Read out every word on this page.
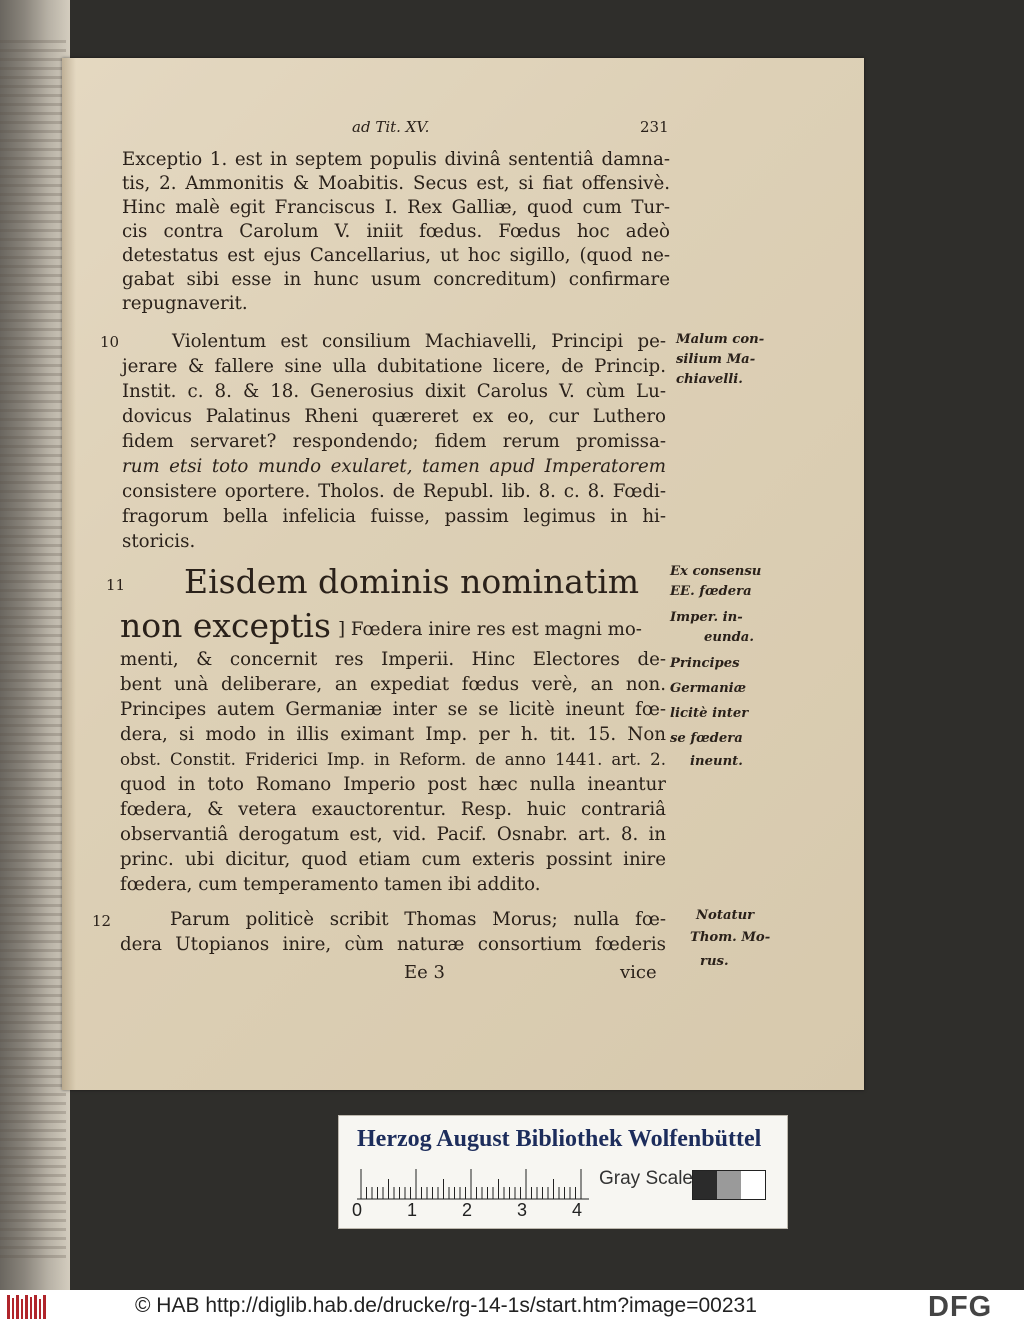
ad Tit. XV.	231
Exceptio 1. est in septem populis divinâ sententiâ damna-
tis, 2. Ammonitis & Moabitis. Secus est, si fiat offensivè.
Hinc malè egit Franciscus I. Rex Galliæ, quod cum Tur-
cis contra Carolum V. iniit fœdus. Fœdus hoc adeò
detestatus est ejus Cancellarius, ut hoc sigillo, (quod ne-
gabat sibi esse in hunc usum concreditum) confirmare
repugnaverit.
10	Violentum est consilium Machiavelli, Principi pe-
jerare & fallere sine ulla dubitatione licere, de Princip.
Instit. c. 8. & 18. Generosius dixit Carolus V. cùm Lu-
dovicus Palatinus Rheni quæreret ex eo, cur Luthero
fidem servaret? respondendo; fidem rerum promissa-
rum etsi toto mundo exularet, tamen apud Imperatorem
consistere oportere. Tholos. de Republ. lib. 8. c. 8. Fœdi-
fragorum bella infelicia fuisse, passim legimus in hi-
storicis.
Malum con-
silium Ma-
chiavelli.
11 Eisdem dominis nominatim
non exceptis ] Fœdera inire res est magni mo-
menti, & concernit res Imperii. Hinc Electores de-
bent unà deliberare, an expediat fœdus verè, an non.
Principes autem Germaniæ inter se se licitè ineunt fœ-
dera, si modo in illis eximant Imp. per h. tit. 15. Non
obst. Constit. Friderici Imp. in Reform. de anno 1441. art. 2.
quod in toto Romano Imperio post hæc nulla ineantur
fœdera, & vetera exauctorentur. Resp. huic contrariâ
observantiâ derogatum est, vid. Pacif. Osnabr. art. 8. in
princ. ubi dicitur, quod etiam cum exteris possint inire
fœdera, cum temperamento tamen ibi addito.
Ex consensu
EE. fœdera
Imper. in-
eunda.
Principes
Germaniæ
licitè inter
se fœdera
ineunt.
12	Parum politicè scribit Thomas Morus; nulla fœ-
dera Utopianos inire, cùm naturæ consortium fœderis
Notatur
Thom. Mo-
rus.
Ee 3	vice
Herzog August Bibliothek Wolfenbüttel
0 1 2 3 4
Gray Scale
© HAB http://diglib.hab.de/drucke/rg-14-1s/start.htm?image=00231	DFG
